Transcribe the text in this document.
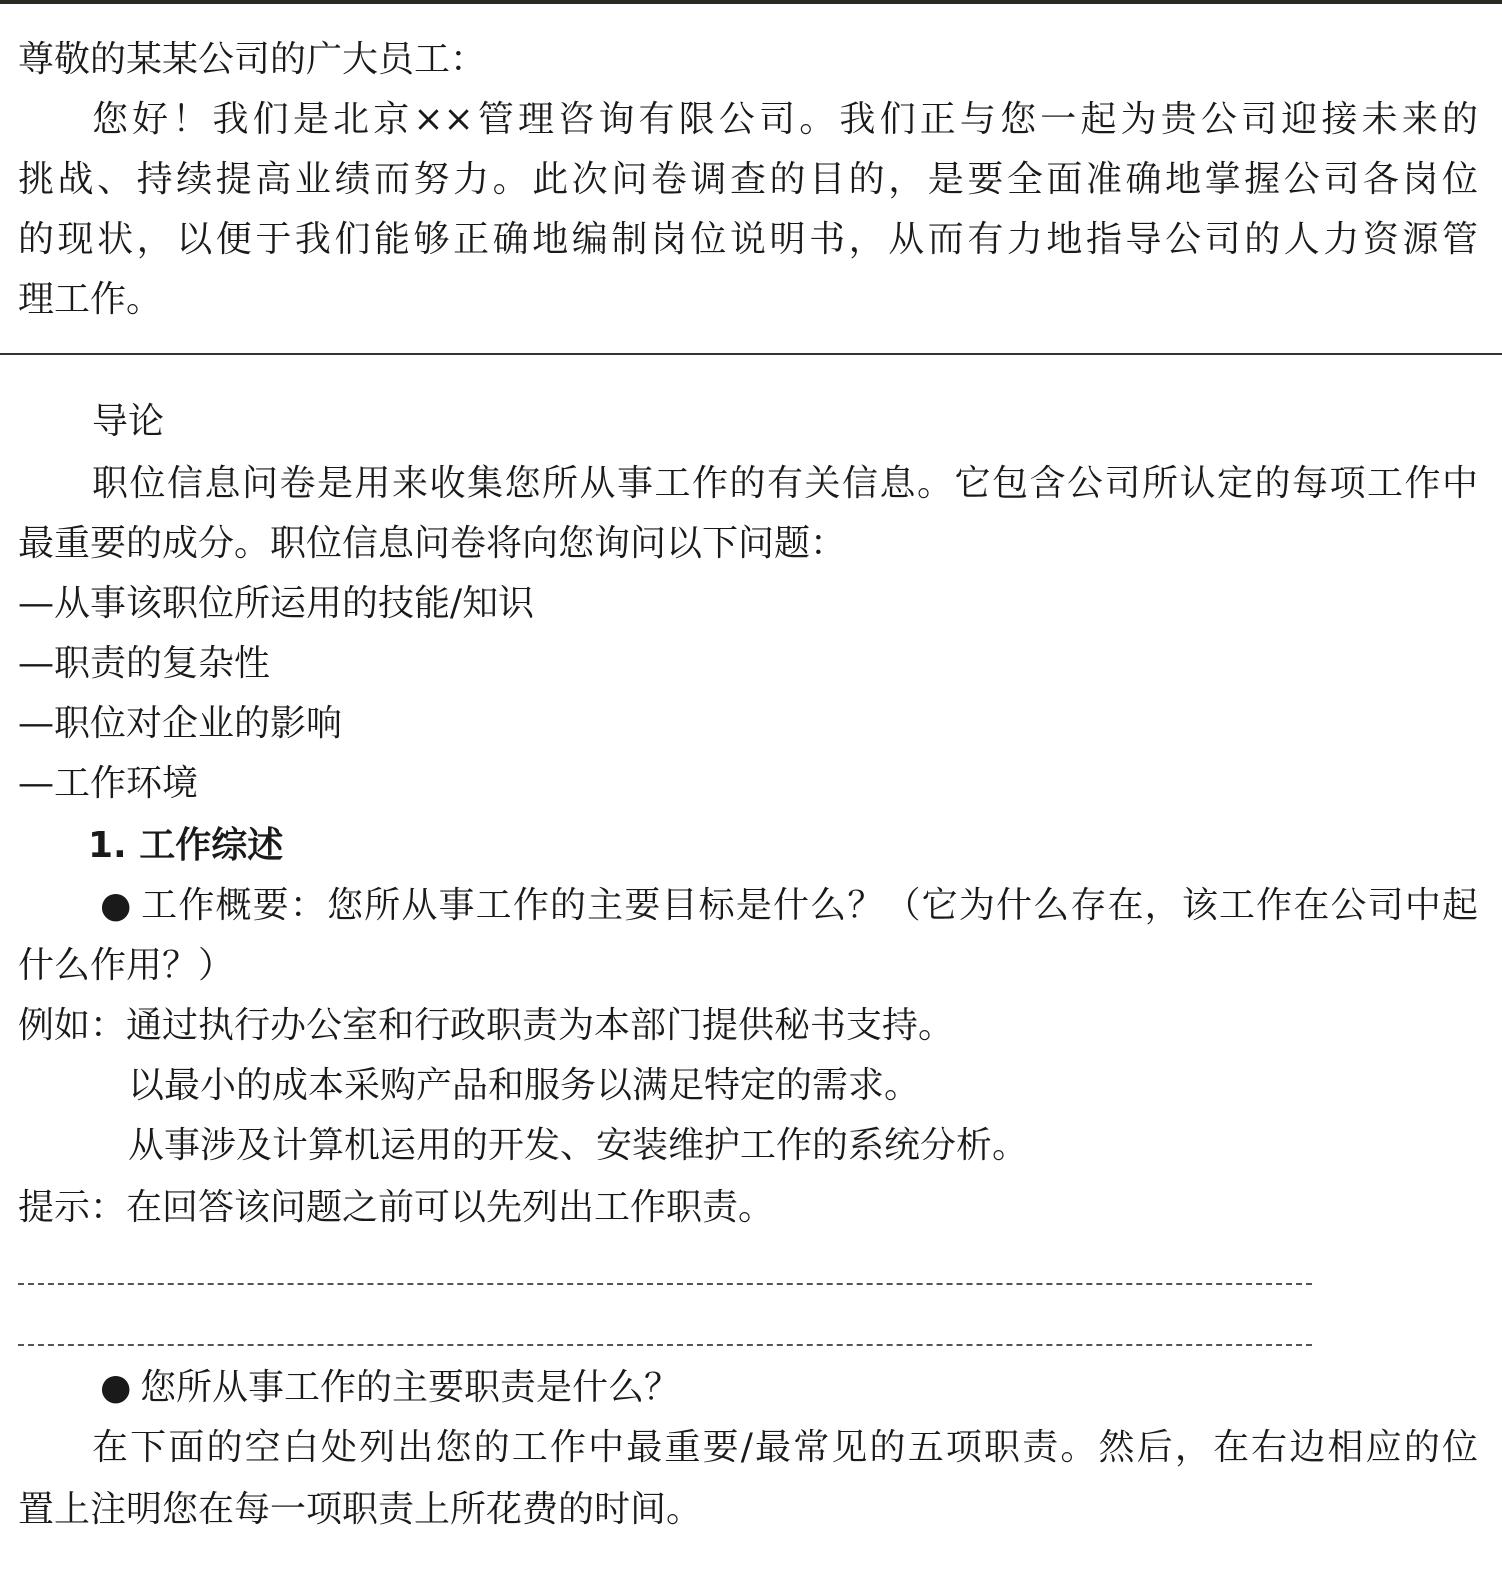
尊敬的某某公司的广大员工：
您好！我们是北京××管理咨询有限公司。我们正与您一起为贵公司迎接未来的
挑战、持续提高业绩而努力。此次问卷调查的目的，是要全面准确地掌握公司各岗位
的现状，以便于我们能够正确地编制岗位说明书，从而有力地指导公司的人力资源管
理工作。
导论
职位信息问卷是用来收集您所从事工作的有关信息。它包含公司所认定的每项工作中
最重要的成分。职位信息问卷将向您询问以下问题：
—从事该职位所运用的技能/知识
—职责的复杂性
—职位对企业的影响
—工作环境
1. 工作综述
● 工作概要：您所从事工作的主要目标是什么？（它为什么存在，该工作在公司中起
什么作用？）
例如：通过执行办公室和行政职责为本部门提供秘书支持。
以最小的成本采购产品和服务以满足特定的需求。
从事涉及计算机运用的开发、安装维护工作的系统分析。
提示：在回答该问题之前可以先列出工作职责。
● 您所从事工作的主要职责是什么？
在下面的空白处列出您的工作中最重要/最常见的五项职责。然后，在右边相应的位
置上注明您在每一项职责上所花费的时间。
